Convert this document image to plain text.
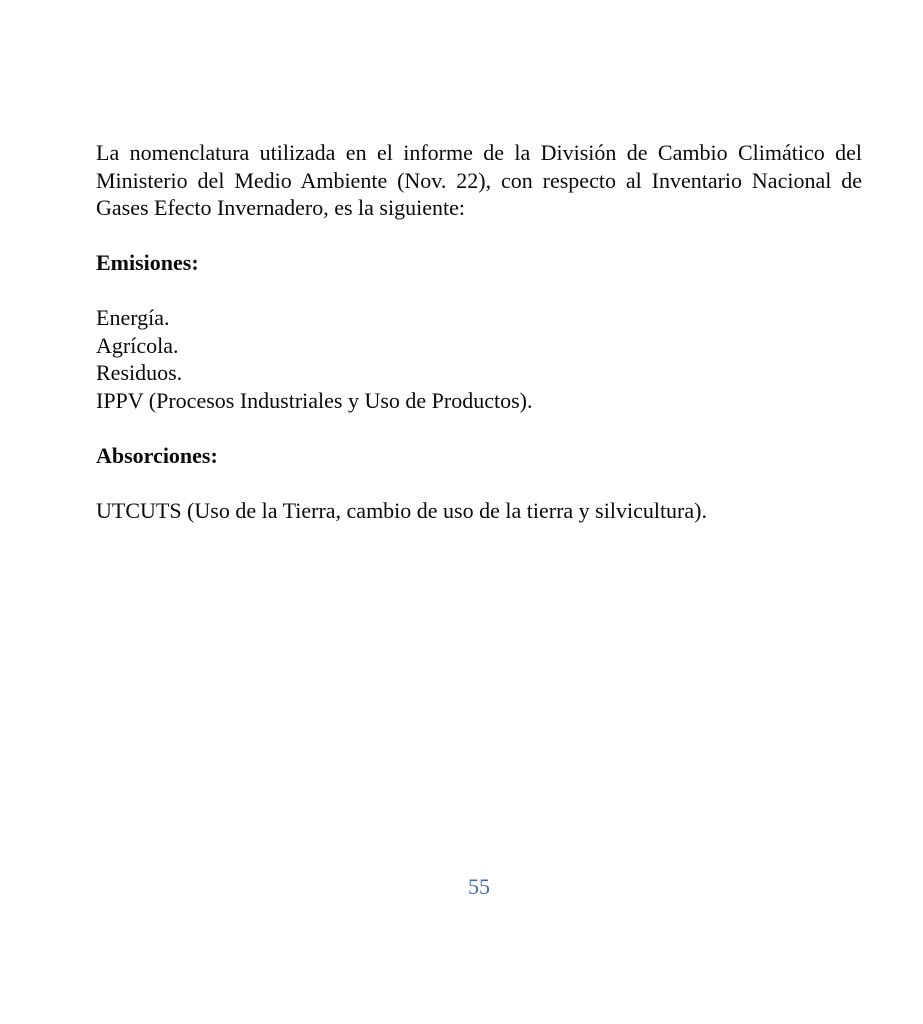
La nomenclatura utilizada en el informe de la División de Cambio Climático del
Ministerio del Medio Ambiente (Nov. 22), con respecto al Inventario Nacional de
Gases Efecto Invernadero, es la siguiente:
Emisiones:
Energía.
Agrícola.
Residuos.
IPPV (Procesos Industriales y Uso de Productos).
Absorciones:
UTCUTS (Uso de la Tierra, cambio de uso de la tierra y silvicultura).
55
